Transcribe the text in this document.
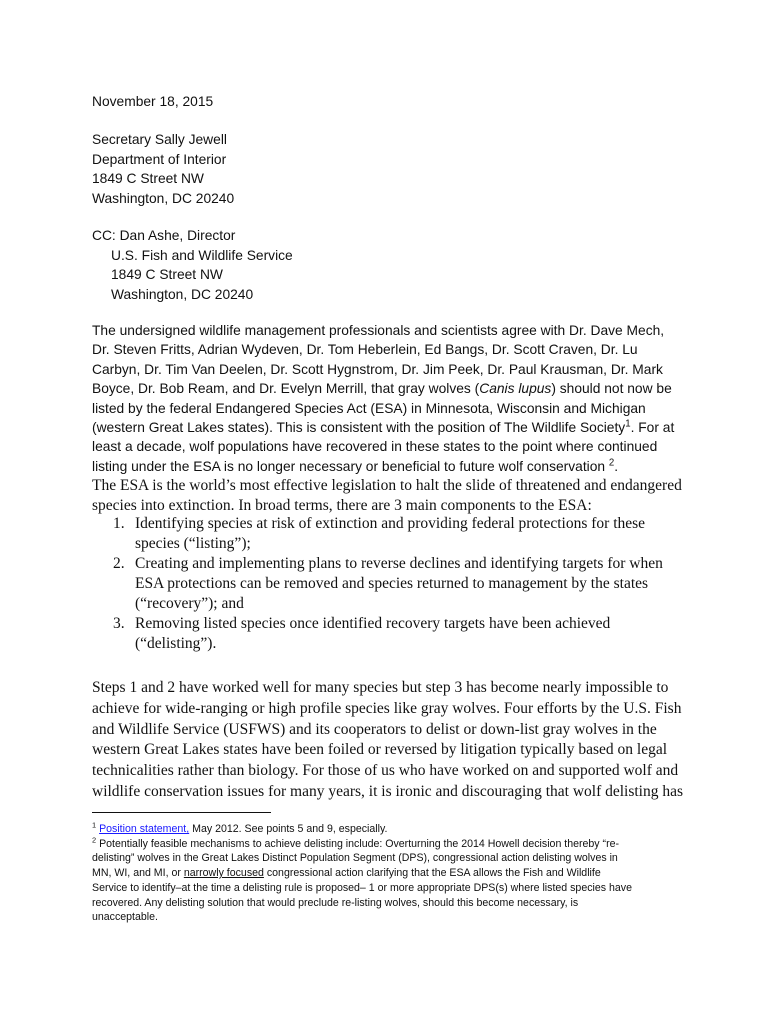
November 18, 2015
Secretary Sally Jewell
Department of Interior
1849 C Street NW
Washington, DC 20240
CC: Dan Ashe, Director
U.S. Fish and Wildlife Service
1849 C Street NW
Washington, DC 20240
The undersigned wildlife management professionals and scientists agree with Dr. Dave Mech,
Dr. Steven Fritts, Adrian Wydeven, Dr. Tom Heberlein, Ed Bangs, Dr. Scott Craven, Dr. Lu
Carbyn, Dr. Tim Van Deelen, Dr. Scott Hygnstrom, Dr. Jim Peek, Dr. Paul Krausman, Dr. Mark
Boyce, Dr. Bob Ream, and Dr. Evelyn Merrill, that gray wolves (Canis lupus) should not now be
listed by the federal Endangered Species Act (ESA) in Minnesota, Wisconsin and Michigan
(western Great Lakes states). This is consistent with the position of The Wildlife Society$^1$. For at
least a decade, wolf populations have recovered in these states to the point where continued
listing under the ESA is no longer necessary or beneficial to future wolf conservation $^2$.
The ESA is the world’s most effective legislation to halt the slide of threatened and endangered
species into extinction. In broad terms, there are 3 main components to the ESA:
1. Identifying species at risk of extinction and providing federal protections for these
species (“listing”);
2. Creating and implementing plans to reverse declines and identifying targets for when
ESA protections can be removed and species returned to management by the states
(“recovery”); and
3. Removing listed species once identified recovery targets have been achieved
(“delisting”).
Steps 1 and 2 have worked well for many species but step 3 has become nearly impossible to
achieve for wide-ranging or high profile species like gray wolves. Four efforts by the U.S. Fish
and Wildlife Service (USFWS) and its cooperators to delist or down-list gray wolves in the
western Great Lakes states have been foiled or reversed by litigation typically based on legal
technicalities rather than biology. For those of us who have worked on and supported wolf and
wildlife conservation issues for many years, it is ironic and discouraging that wolf delisting has
$^1$ Position statement, May 2012. See points 5 and 9, especially.
$^2$ Potentially feasible mechanisms to achieve delisting include: Overturning the 2014 Howell decision thereby “re-
delisting” wolves in the Great Lakes Distinct Population Segment (DPS), congressional action delisting wolves in
MN, WI, and MI, or narrowly focused congressional action clarifying that the ESA allows the Fish and Wildlife
Service to identify–at the time a delisting rule is proposed– 1 or more appropriate DPS(s) where listed species have
recovered. Any delisting solution that would preclude re-listing wolves, should this become necessary, is
unacceptable.
